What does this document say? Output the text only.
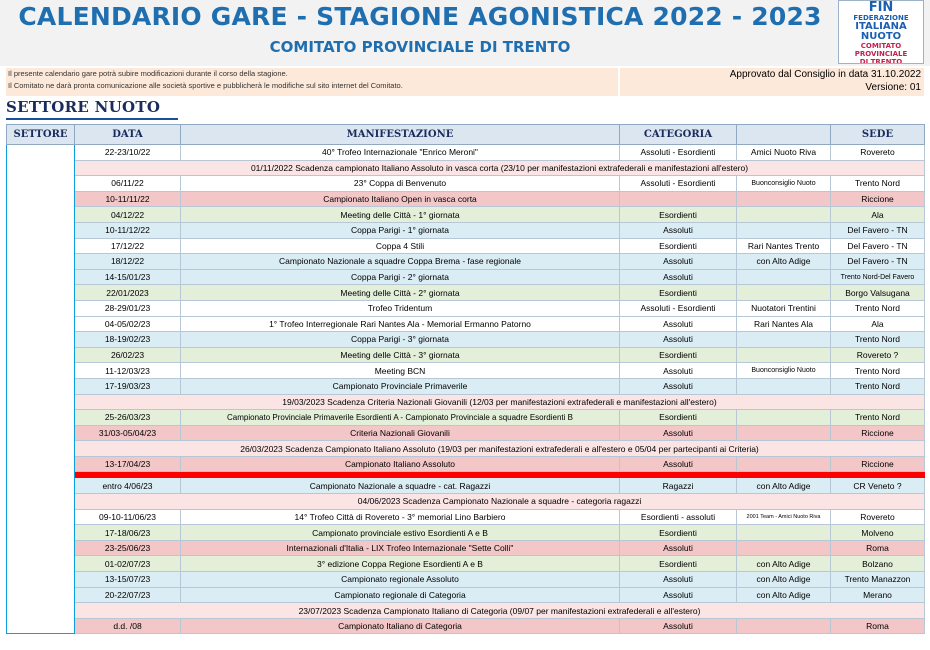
CALENDARIO GARE - STAGIONE AGONISTICA 2022 - 2023
COMITATO PROVINCIALE DI TRENTO
FIN
FEDERAZIONE
ITALIANA
NUOTO
COMITATO
PROVINCIALE
DI TRENTO
Il presente calendario gare potrà subire modificazioni durante il corso della stagione.
Il Comitato ne darà pronta comunicazione alle società sportive e pubblicherà le modifiche sul sito internet del Comitato.
Approvato dal Consiglio in data 31.10.2022
Versione: 01
SETTORE NUOTO
SETTORE	DATA	MANIFESTAZIONE	CATEGORIA		SEDE

N
U
O
T
O	22-23/10/22	40° Trofeo Internazionale "Enrico Meroni"	Assoluti - Esordienti	Amici Nuoto Riva	Rovereto
	01/11/2022 Scadenza campionato Italiano Assoluto in vasca corta (23/10 per manifestazioni extrafederali e manifestazioni all'estero)				
	06/11/22	23° Coppa di Benvenuto	Assoluti - Esordienti	Buonconsiglio Nuoto	Trento Nord
	10-11/11/22	Campionato Italiano Open in vasca corta			Riccione
	04/12/22	Meeting delle Città - 1° giornata	Esordienti		Ala
	10-11/12/22	Coppa Parigi - 1° giornata	Assoluti		Del Favero - TN
	17/12/22	Coppa 4 Stili	Esordienti	Rari Nantes Trento	Del Favero - TN
	18/12/22	Campionato Nazionale a squadre Coppa Brema - fase regionale	Assoluti	con Alto Adige	Del Favero - TN
	14-15/01/23	Coppa Parigi - 2° giornata	Assoluti		Trento Nord-Del Favero
	22/01/2023	Meeting delle Città - 2° giornata	Esordienti		Borgo Valsugana
	28-29/01/23	Trofeo Tridentum	Assoluti - Esordienti	Nuotatori Trentini	Trento Nord
	04-05/02/23	1° Trofeo Interregionale Rari Nantes Ala - Memorial Ermanno Patorno	Assoluti	Rari Nantes Ala	Ala
	18-19/02/23	Coppa Parigi - 3° giornata	Assoluti		Trento Nord
	26/02/23	Meeting delle Città - 3° giornata	Esordienti		Rovereto ?
	11-12/03/23	Meeting BCN	Assoluti	Buonconsiglio Nuoto	Trento Nord
	17-19/03/23	Campionato Provinciale Primaverile	Assoluti		Trento Nord
	19/03/2023 Scadenza Criteria Nazionali Giovanili (12/03 per manifestazioni extrafederali e manifestazioni all'estero)				
	25-26/03/23	Campionato Provinciale Primaverile Esordienti A - Campionato Provinciale a squadre Esordienti B	Esordienti		Trento Nord
	31/03-05/04/23	Criteria Nazionali Giovanili	Assoluti		Riccione
	26/03/2023 Scadenza Campionato Italiano Assoluto (19/03 per manifestazioni extrafederali e all'estero e 05/04 per partecipanti ai Criteria)				
	13-17/04/23	Campionato Italiano Assoluto	Assoluti		Riccione

	entro 4/06/23	Campionato Nazionale a squadre - cat. Ragazzi	Ragazzi	con Alto Adige	CR Veneto ?
	04/06/2023 Scadenza Campionato Nazionale a squadre - categoria ragazzi				
	09-10-11/06/23	14° Trofeo Città di Rovereto - 3° memorial Lino Barbiero	Esordienti - assoluti	2001 Team - Amici Nuoto Riva	Rovereto
	17-18/06/23	Campionato provinciale estivo Esordienti A e B	Esordienti		Molveno
	23-25/06/23	Internazionali d'Italia - LIX Trofeo Internazionale "Sette Colli"	Assoluti		Roma
	01-02/07/23	3° edizione Coppa Regione Esordienti A e B	Esordienti	con Alto Adige	Bolzano
	13-15/07/23	Campionato regionale Assoluto	Assoluti	con Alto Adige	Trento Manazzon
	20-22/07/23	Campionato regionale di Categoria	Assoluti	con Alto Adige	Merano
	23/07/2023 Scadenza Campionato Italiano di Categoria (09/07 per manifestazioni extrafederali e all'estero)				
	d.d. /08	Campionato Italiano di Categoria	Assoluti		Roma
